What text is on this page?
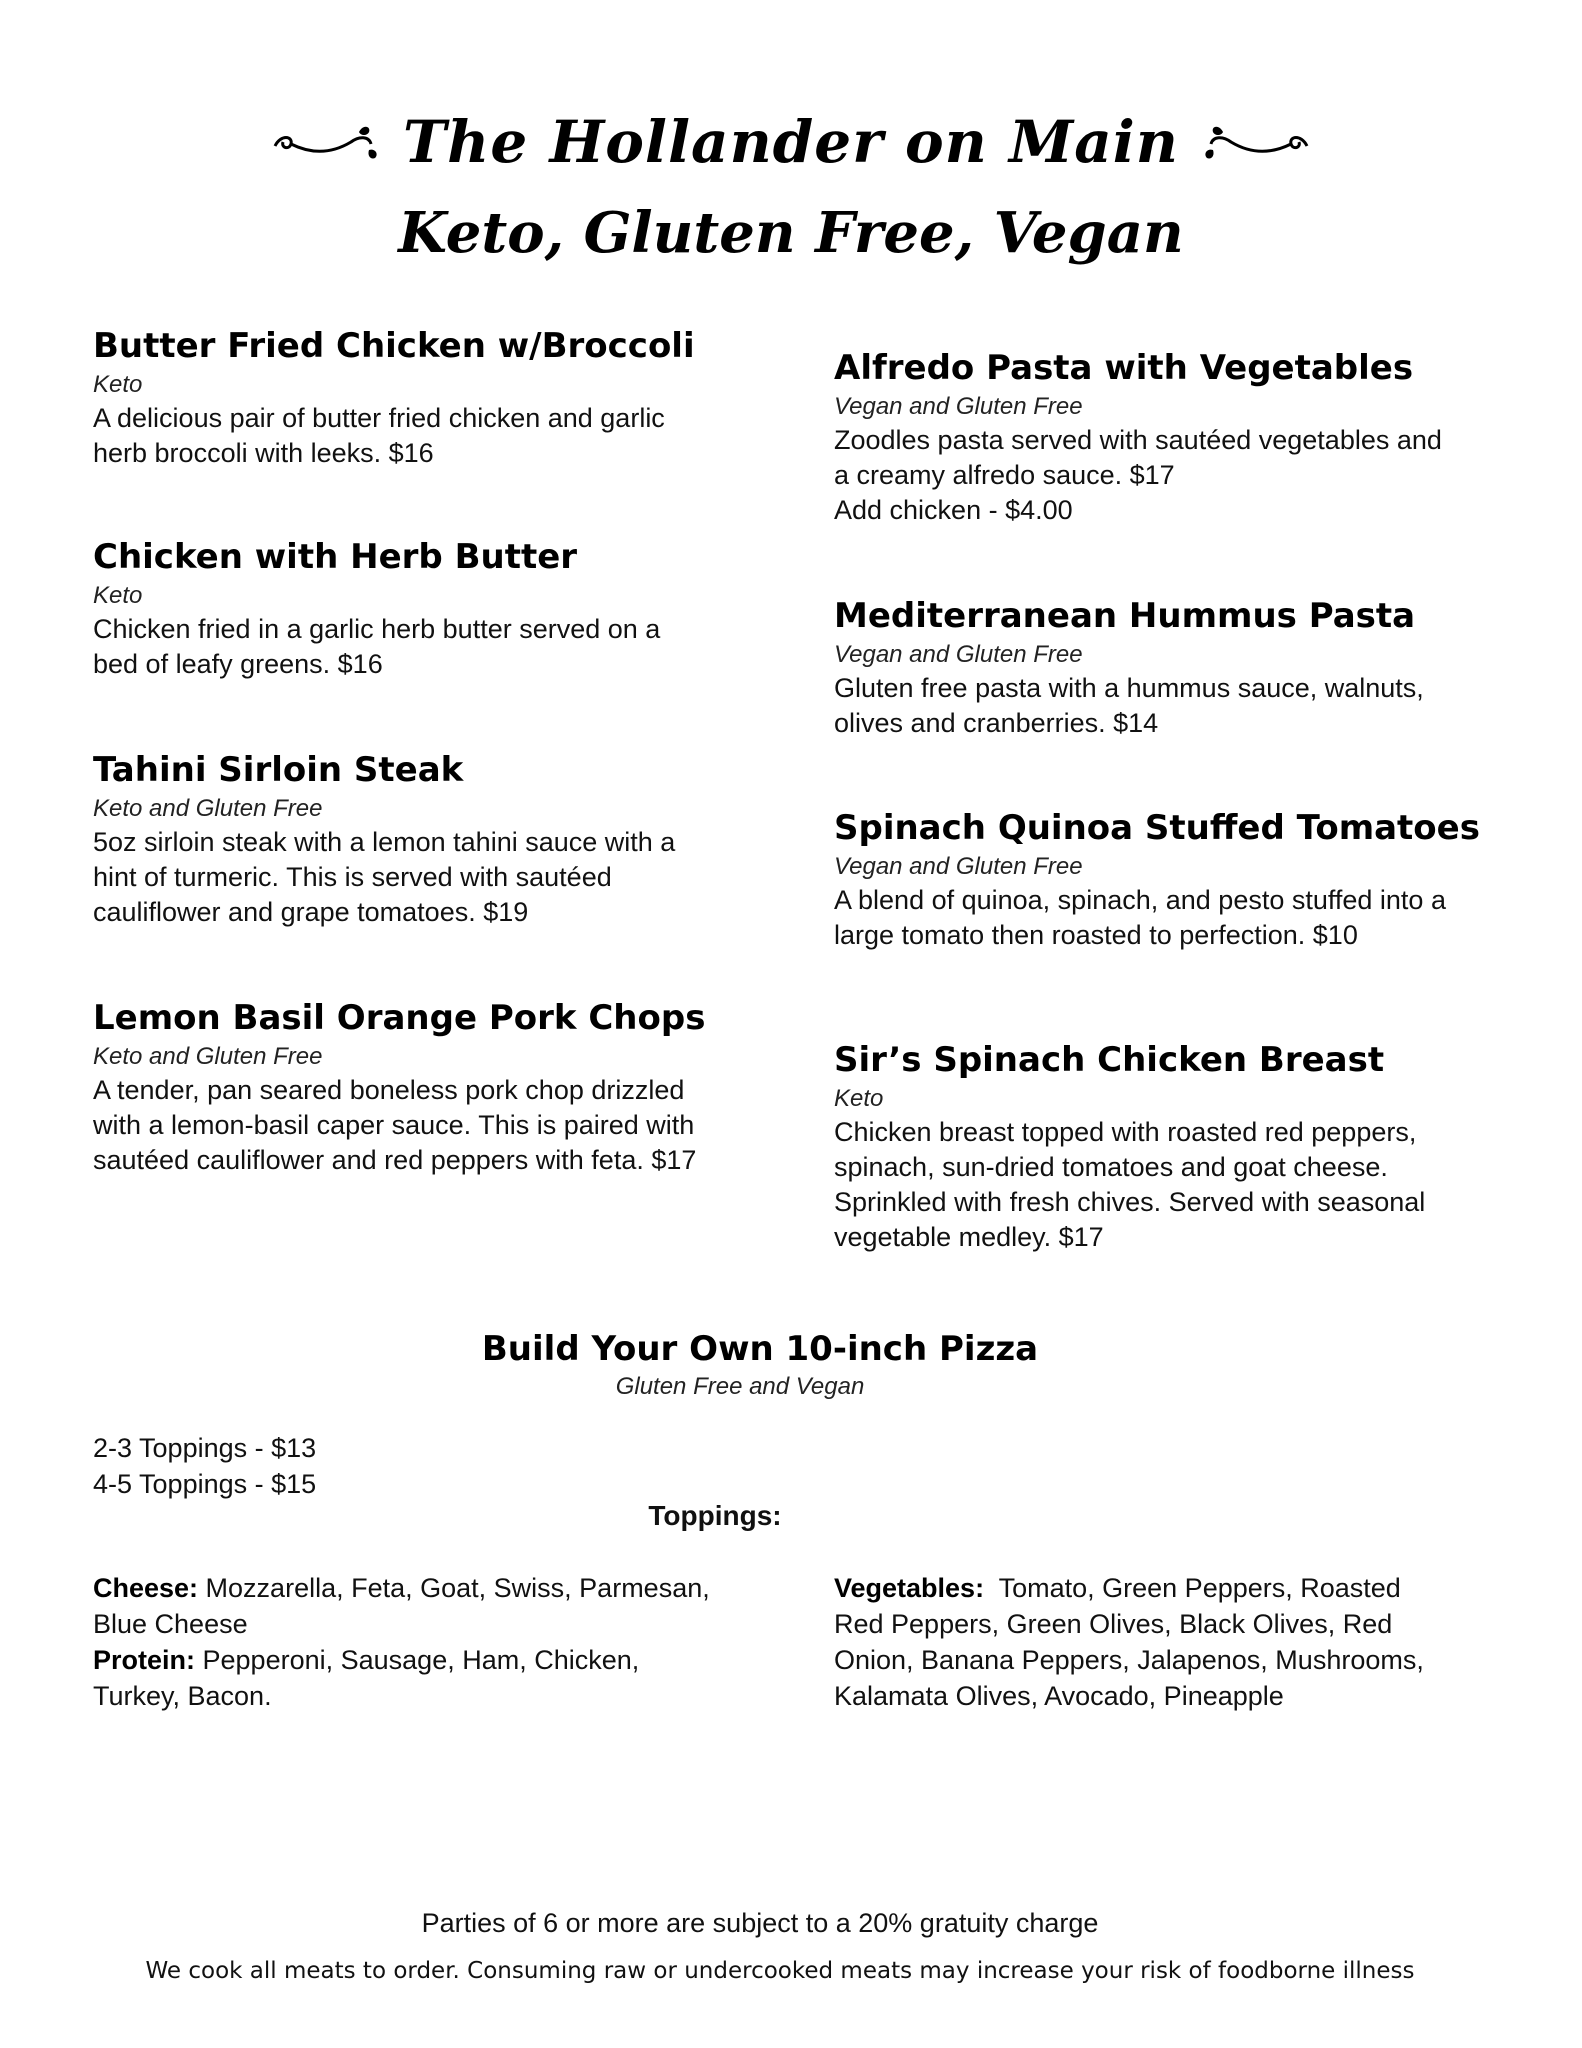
The Hollander on Main
Keto, Gluten Free, Vegan
Butter Fried Chicken w/Broccoli
Keto
A delicious pair of butter fried chicken and garlic
herb broccoli with leeks. $16
Chicken with Herb Butter
Keto
Chicken fried in a garlic herb butter served on a
bed of leafy greens. $16
Tahini Sirloin Steak
Keto and Gluten Free
5oz sirloin steak with a lemon tahini sauce with a
hint of turmeric. This is served with sautéed
cauliflower and grape tomatoes. $19
Lemon Basil Orange Pork Chops
Keto and Gluten Free
A tender, pan seared boneless pork chop drizzled
with a lemon-basil caper sauce. This is paired with
sautéed cauliflower and red peppers with feta. $17
Alfredo Pasta with Vegetables
Vegan and Gluten Free
Zoodles pasta served with sautéed vegetables and
a creamy alfredo sauce. $17
Add chicken - $4.00
Mediterranean Hummus Pasta
Vegan and Gluten Free
Gluten free pasta with a hummus sauce, walnuts,
olives and cranberries. $14
Spinach Quinoa Stuffed Tomatoes
Vegan and Gluten Free
A blend of quinoa, spinach, and pesto stuffed into a
large tomato then roasted to perfection. $10
Sir’s Spinach Chicken Breast
Keto
Chicken breast topped with roasted red peppers,
spinach, sun-dried tomatoes and goat cheese.
Sprinkled with fresh chives. Served with seasonal
vegetable medley. $17
Build Your Own 10-inch Pizza
Gluten Free and Vegan
2-3 Toppings - $13
4-5 Toppings - $15
Toppings:
Cheese: Mozzarella, Feta, Goat, Swiss, Parmesan,
Blue Cheese
Protein: Pepperoni, Sausage, Ham, Chicken,
Turkey, Bacon.
Vegetables:  Tomato, Green Peppers, Roasted
Red Peppers, Green Olives, Black Olives, Red
Onion, Banana Peppers, Jalapenos, Mushrooms,
Kalamata Olives, Avocado, Pineapple
Parties of 6 or more are subject to a 20% gratuity charge
We cook all meats to order. Consuming raw or undercooked meats may increase your risk of foodborne illness
